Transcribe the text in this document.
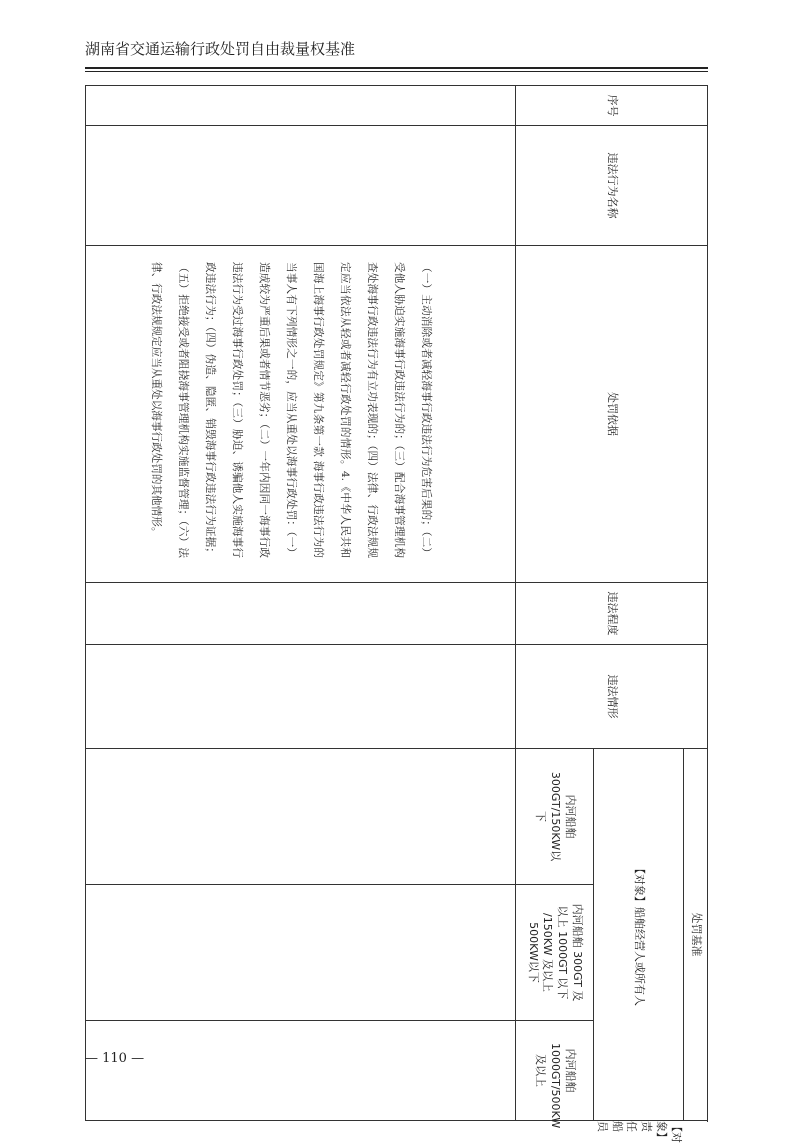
湖南省交通运输行政处罚自由裁量权基准
序号	违法行为名称	处罚依据	违法程度	违法情形	处罚基准			
					【对象】船舶经营人或所有人			【对象】责任船员
					内河船舶300GT/150KW以下	内河船舶 300GT 及以上 1000GT 以下 /150KW 及以上 500KW以下	内河船舶1000GT/500KW及以上	

		（一）主动消除或者减轻海事行政违法行为危害后果的；（二）受他人胁迫实施海事行政违法行为的；（三）配合海事管理机构查处海事行政违法行为有立功表现的；（四）法律、行政法规规定应当依法从轻或者减轻行政处罚的情形。4.《中华人民共和国海上海事行政处罚规定》第九条第一款 海事行政违法行为的当事人有下列情形之一的，应当从重处以海事行政处罚：（一）造成较为严重后果或者情节恶劣；（二）一年内因同一海事行政违法行为受过海事行政处罚；（三）胁迫、诱骗他人实施海事行政违法行为；（四）伪造、隐匿、销毁海事行政违法行为证据；（五）拒绝接受或者阻挠海事管理机构实施监督管理；（六）法律、行政法规规定应当从重处以海事行政处罚的其他情形。						

— 110 —
